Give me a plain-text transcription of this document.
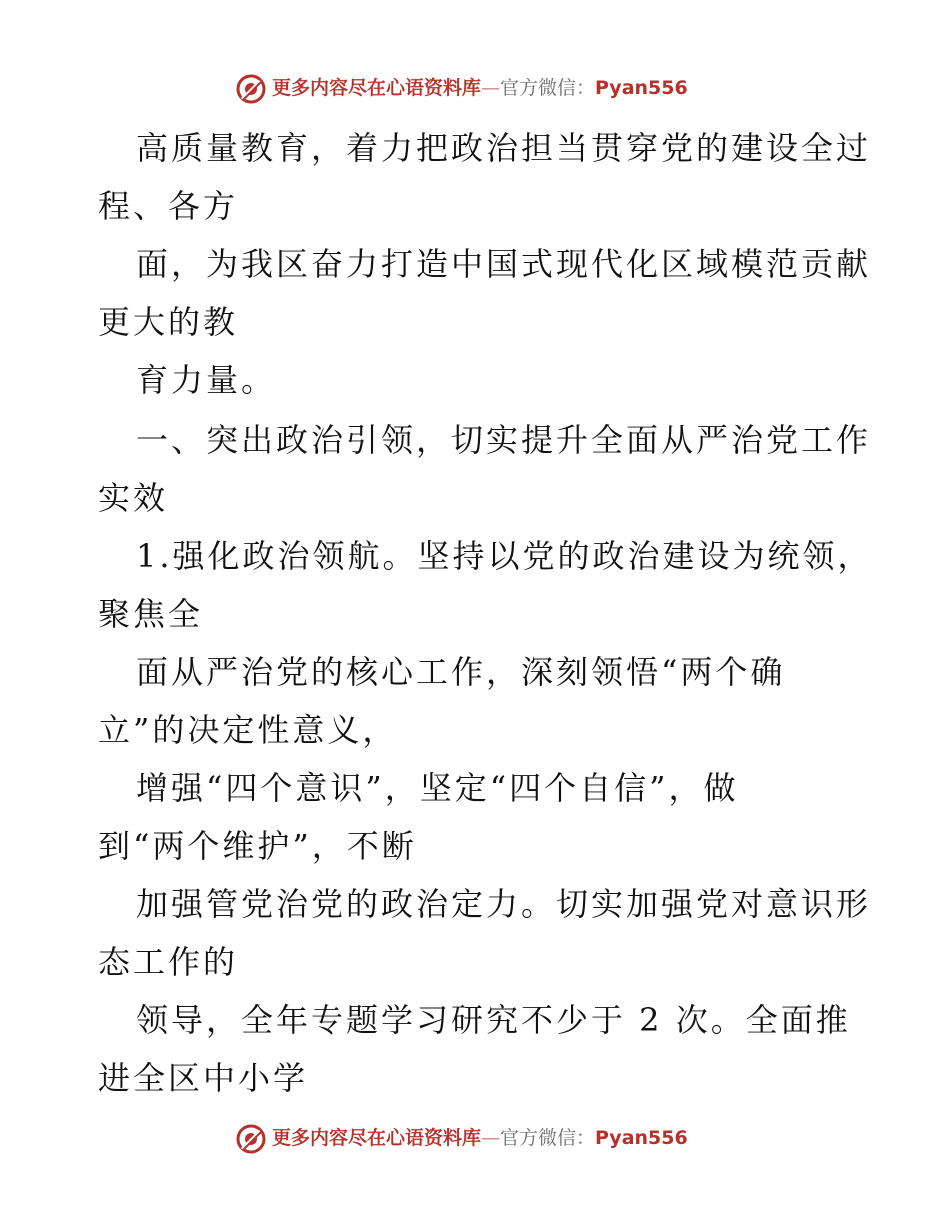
更多内容尽在心语资料库—官方微信：Pyan556
高质量教育，着力把政治担当贯穿党的建设全过
程、各方
面，为我区奋力打造中国式现代化区域模范贡献
更大的教
育力量。
一、突出政治引领，切实提升全面从严治党工作
实效
1.强化政治领航。坚持以党的政治建设为统领，
聚焦全
面从严治党的核心工作，深刻领悟“两个确
立”的决定性意义，
增强“四个意识”，坚定“四个自信”，做
到“两个维护”，不断
加强管党治党的政治定力。切实加强党对意识形
态工作的
领导，全年专题学习研究不少于 2 次。全面推
进全区中小学
更多内容尽在心语资料库—官方微信：Pyan556
